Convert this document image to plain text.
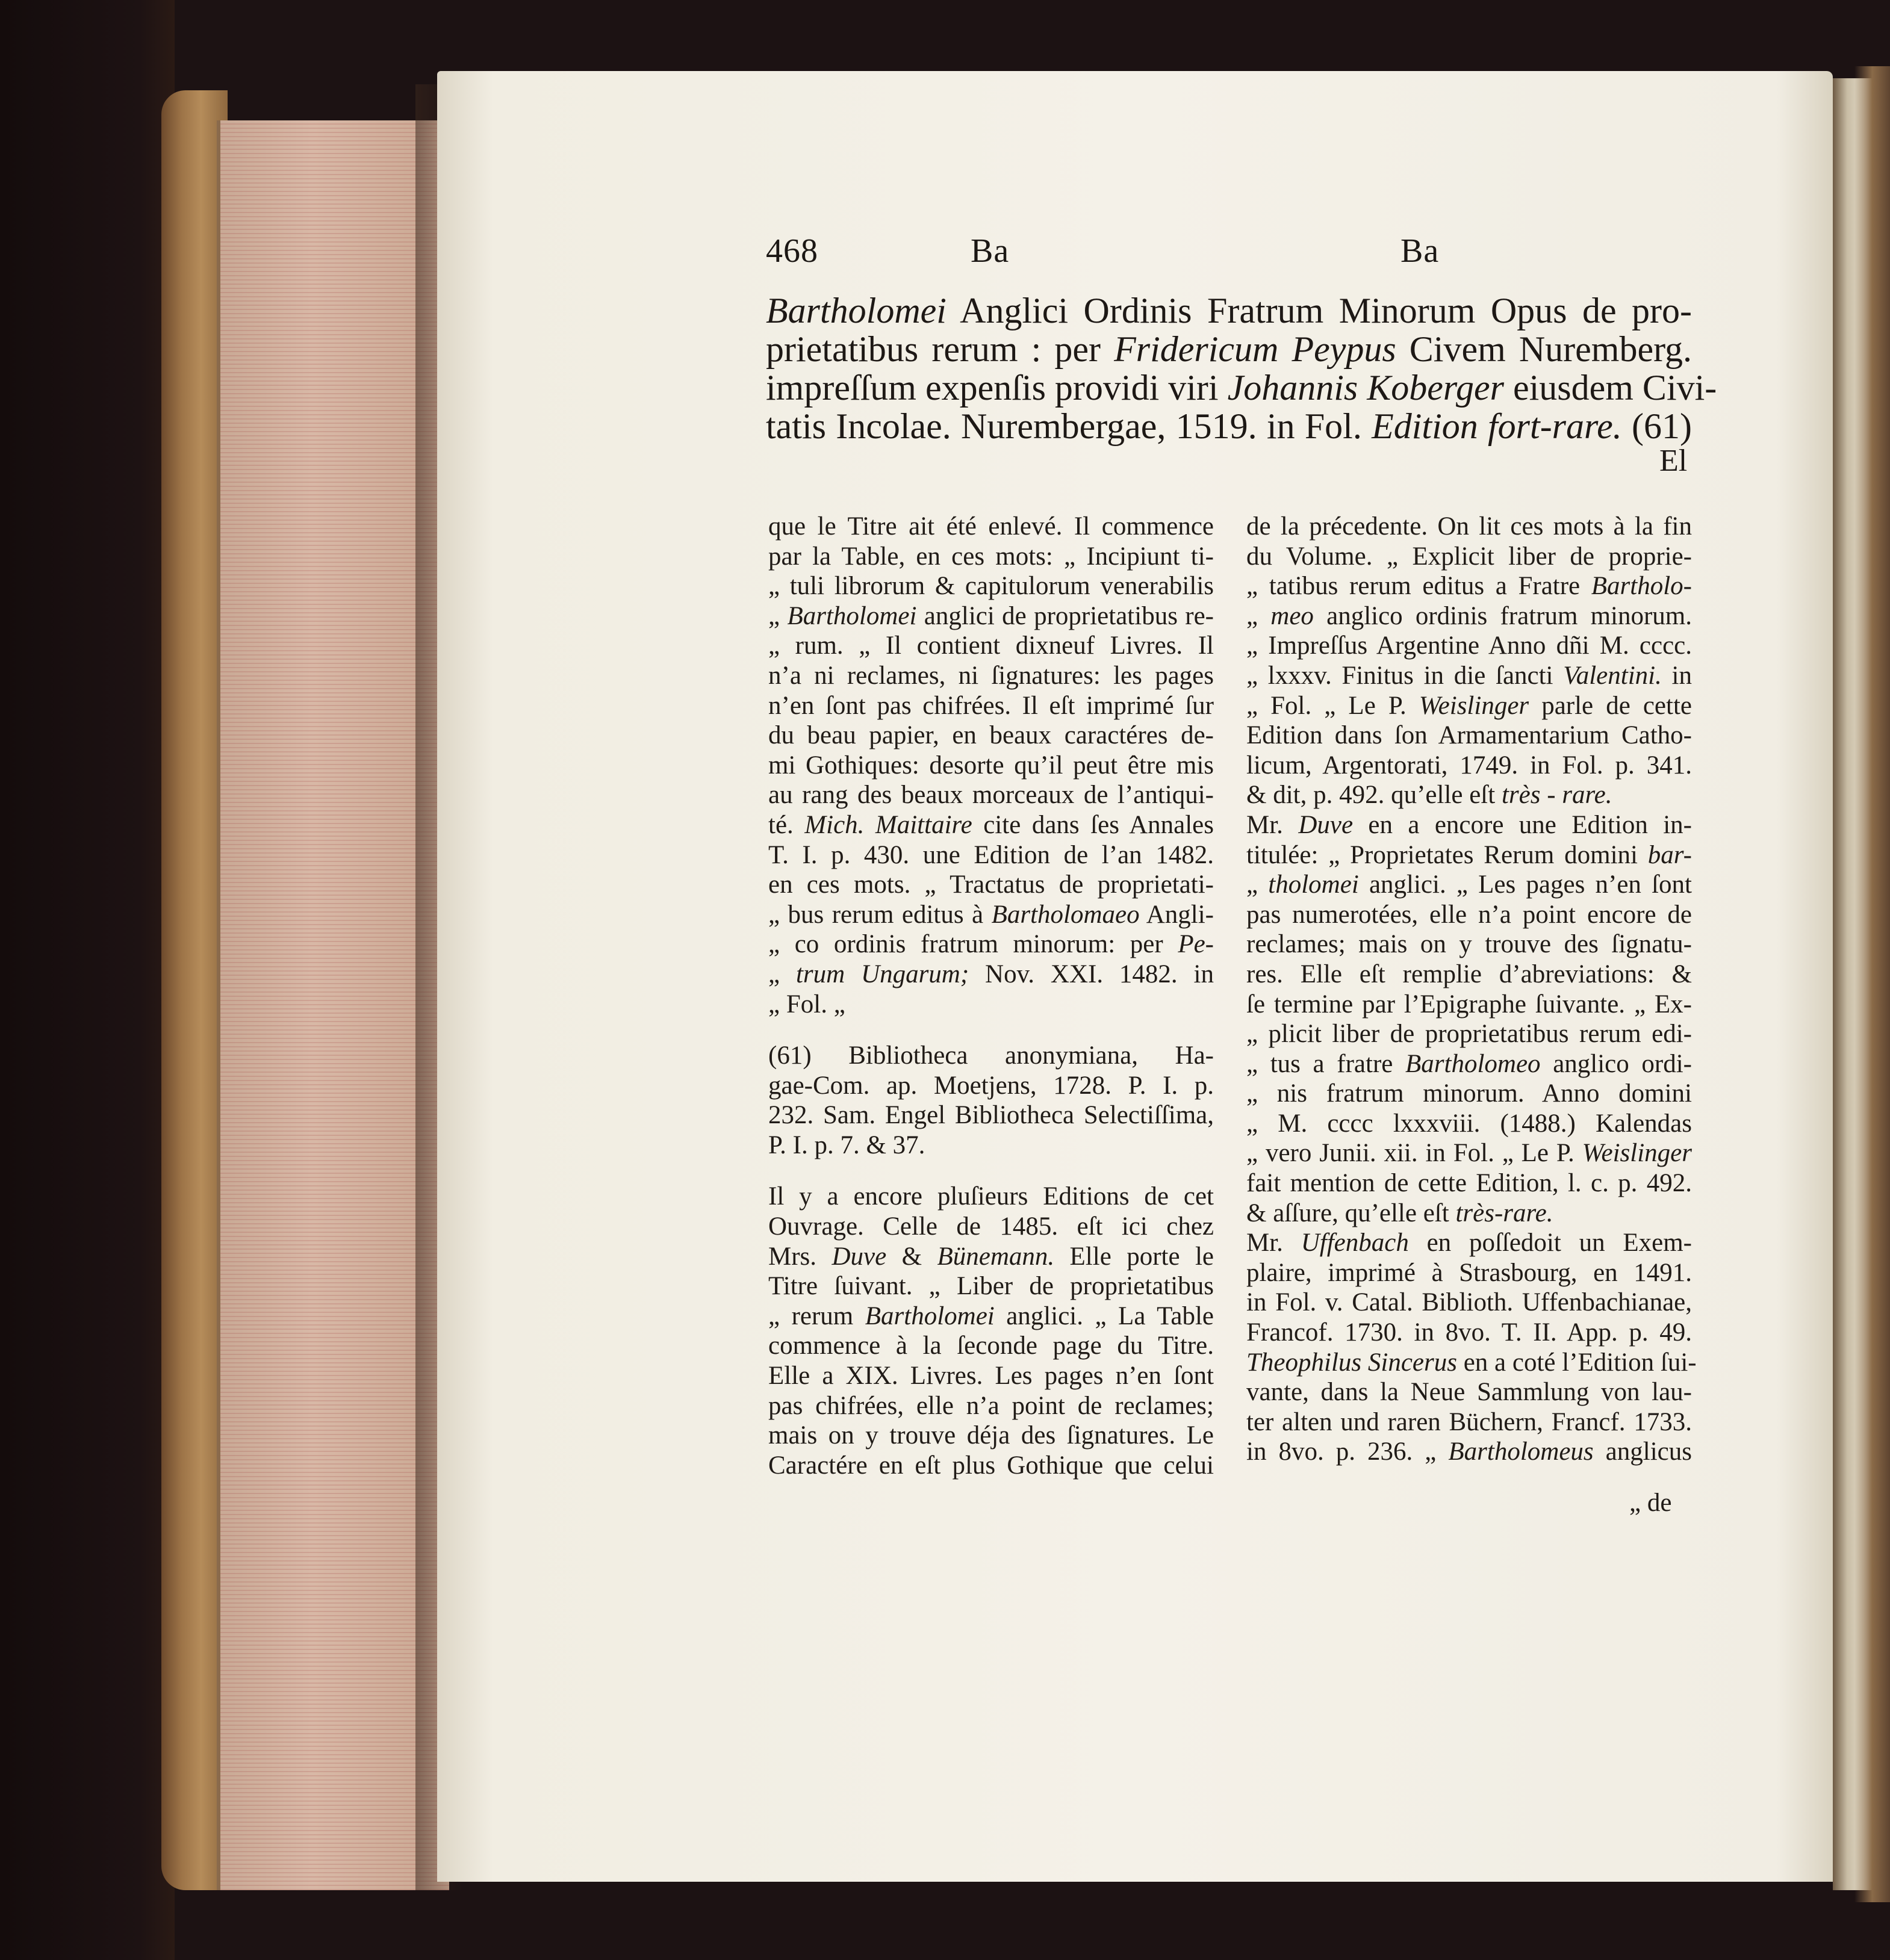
468	Ba	Ba
Bartholomei Anglici Ordinis Fratrum Minorum Opus de pro-
prietatibus rerum : per Fridericum Peypus Civem Nuremberg.
impreſſum expenſis providi viri Johannis Koberger eiusdem Civi-
tatis Incolae. Nurembergae, 1519. in Fol. Edition fort-rare. (61)
El
que le Titre ait été enlevé. Il commence
par la Table, en ces mots: „ Incipiunt ti-
„ tuli librorum & capitulorum venerabilis
„ Bartholomei anglici de proprietatibus re-
„ rum. „ Il contient dixneuf Livres. Il
n’a ni reclames, ni ſignatures: les pages
n’en ſont pas chifrées. Il eſt imprimé ſur
du beau papier, en beaux caractéres de-
mi Gothiques: desorte qu’il peut être mis
au rang des beaux morceaux de l’antiqui-
té. Mich. Maittaire cite dans ſes Annales
T. I. p. 430. une Edition de l’an 1482.
en ces mots. „ Tractatus de proprietati-
„ bus rerum editus à Bartholomaeo Angli-
„ co ordinis fratrum minorum: per Pe-
„ trum Ungarum; Nov. XXI. 1482. in
„ Fol. „
(61) Bibliotheca anonymiana, Ha-
gae-Com. ap. Moetjens, 1728. P. I. p.
232. Sam. Engel Bibliotheca Selectiſſima,
P. I. p. 7. & 37.
Il y a encore pluſieurs Editions de cet
Ouvrage. Celle de 1485. eſt ici chez
Mrs. Duve & Bünemann. Elle porte le
Titre ſuivant. „ Liber de proprietatibus
„ rerum Bartholomei anglici. „ La Table
commence à la ſeconde page du Titre.
Elle a XIX. Livres. Les pages n’en ſont
pas chifrées, elle n’a point de reclames;
mais on y trouve déja des ſignatures. Le
Caractére en eſt plus Gothique que celui
de la précedente. On lit ces mots à la fin
du Volume. „ Explicit liber de proprie-
„ tatibus rerum editus a Fratre Bartholo-
„ meo anglico ordinis fratrum minorum.
„ Impreſſus Argentine Anno dñi M. cccc.
„ lxxxv. Finitus in die ſancti Valentini. in
„ Fol. „ Le P. Weislinger parle de cette
Edition dans ſon Armamentarium Catho-
licum, Argentorati, 1749. in Fol. p. 341.
& dit, p. 492. qu’elle eſt très - rare.
Mr. Duve en a encore une Edition in-
titulée: „ Proprietates Rerum domini bar-
„ tholomei anglici. „ Les pages n’en ſont
pas numerotées, elle n’a point encore de
reclames; mais on y trouve des ſignatu-
res. Elle eſt remplie d’abreviations: &
ſe termine par l’Epigraphe ſuivante. „ Ex-
„ plicit liber de proprietatibus rerum edi-
„ tus a fratre Bartholomeo anglico ordi-
„ nis fratrum minorum. Anno domini
„ M. cccc lxxxviii. (1488.) Kalendas
„ vero Junii. xii. in Fol. „ Le P. Weislinger
fait mention de cette Edition, l. c. p. 492.
& aſſure, qu’elle eſt très-rare.
Mr. Uffenbach en poſſedoit un Exem-
plaire, imprimé à Strasbourg, en 1491.
in Fol. v. Catal. Biblioth. Uffenbachianae,
Francof. 1730. in 8vo. T. II. App. p. 49.
Theophilus Sincerus en a coté l’Edition ſui-
vante, dans la Neue Sammlung von lau-
ter alten und raren Büchern, Francf. 1733.
in 8vo. p. 236. „ Bartholomeus anglicus
„ de
